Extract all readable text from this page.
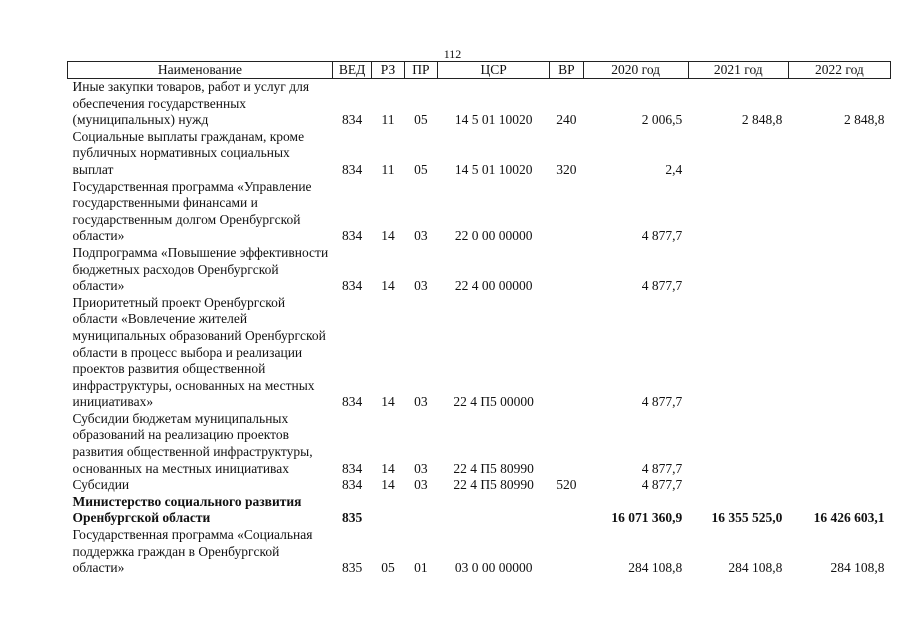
112
Наименование	ВЕД	РЗ	ПР	ЦСР	ВР	2020 год	2021 год	2022 год
Иные закупки товаров, работ и услуг для обеспечения государственных (муниципальных) нужд	834	11	05	14 5 01 10020	240	2 006,5	2 848,8	2 848,8
Социальные выплаты гражданам, кроме публичных нормативных социальных выплат	834	11	05	14 5 01 10020	320	2,4		
Государственная программа «Управление государственными финансами и государственным долгом Оренбургской области»	834	14	03	22 0 00 00000		4 877,7		
Подпрограмма «Повышение эффективности бюджетных расходов Оренбургской области»	834	14	03	22 4 00 00000		4 877,7		
Приоритетный проект Оренбургской области «Вовлечение жителей муниципальных образований Оренбургской области в процесс выбора и реализации проектов развития общественной инфраструктуры, основанных на местных инициативах»	834	14	03	22 4 П5 00000		4 877,7		
Субсидии бюджетам муниципальных образований на реализацию проектов развития общественной инфраструктуры, основанных на местных инициативах	834	14	03	22 4 П5 80990		4 877,7		
Субсидии	834	14	03	22 4 П5 80990	520	4 877,7		
Министерство социального развития Оренбургской области	835					16 071 360,9	16 355 525,0	16 426 603,1
Государственная программа «Социальная поддержка граждан в Оренбургской области»	835	05	01	03 0 00 00000		284 108,8	284 108,8	284 108,8
